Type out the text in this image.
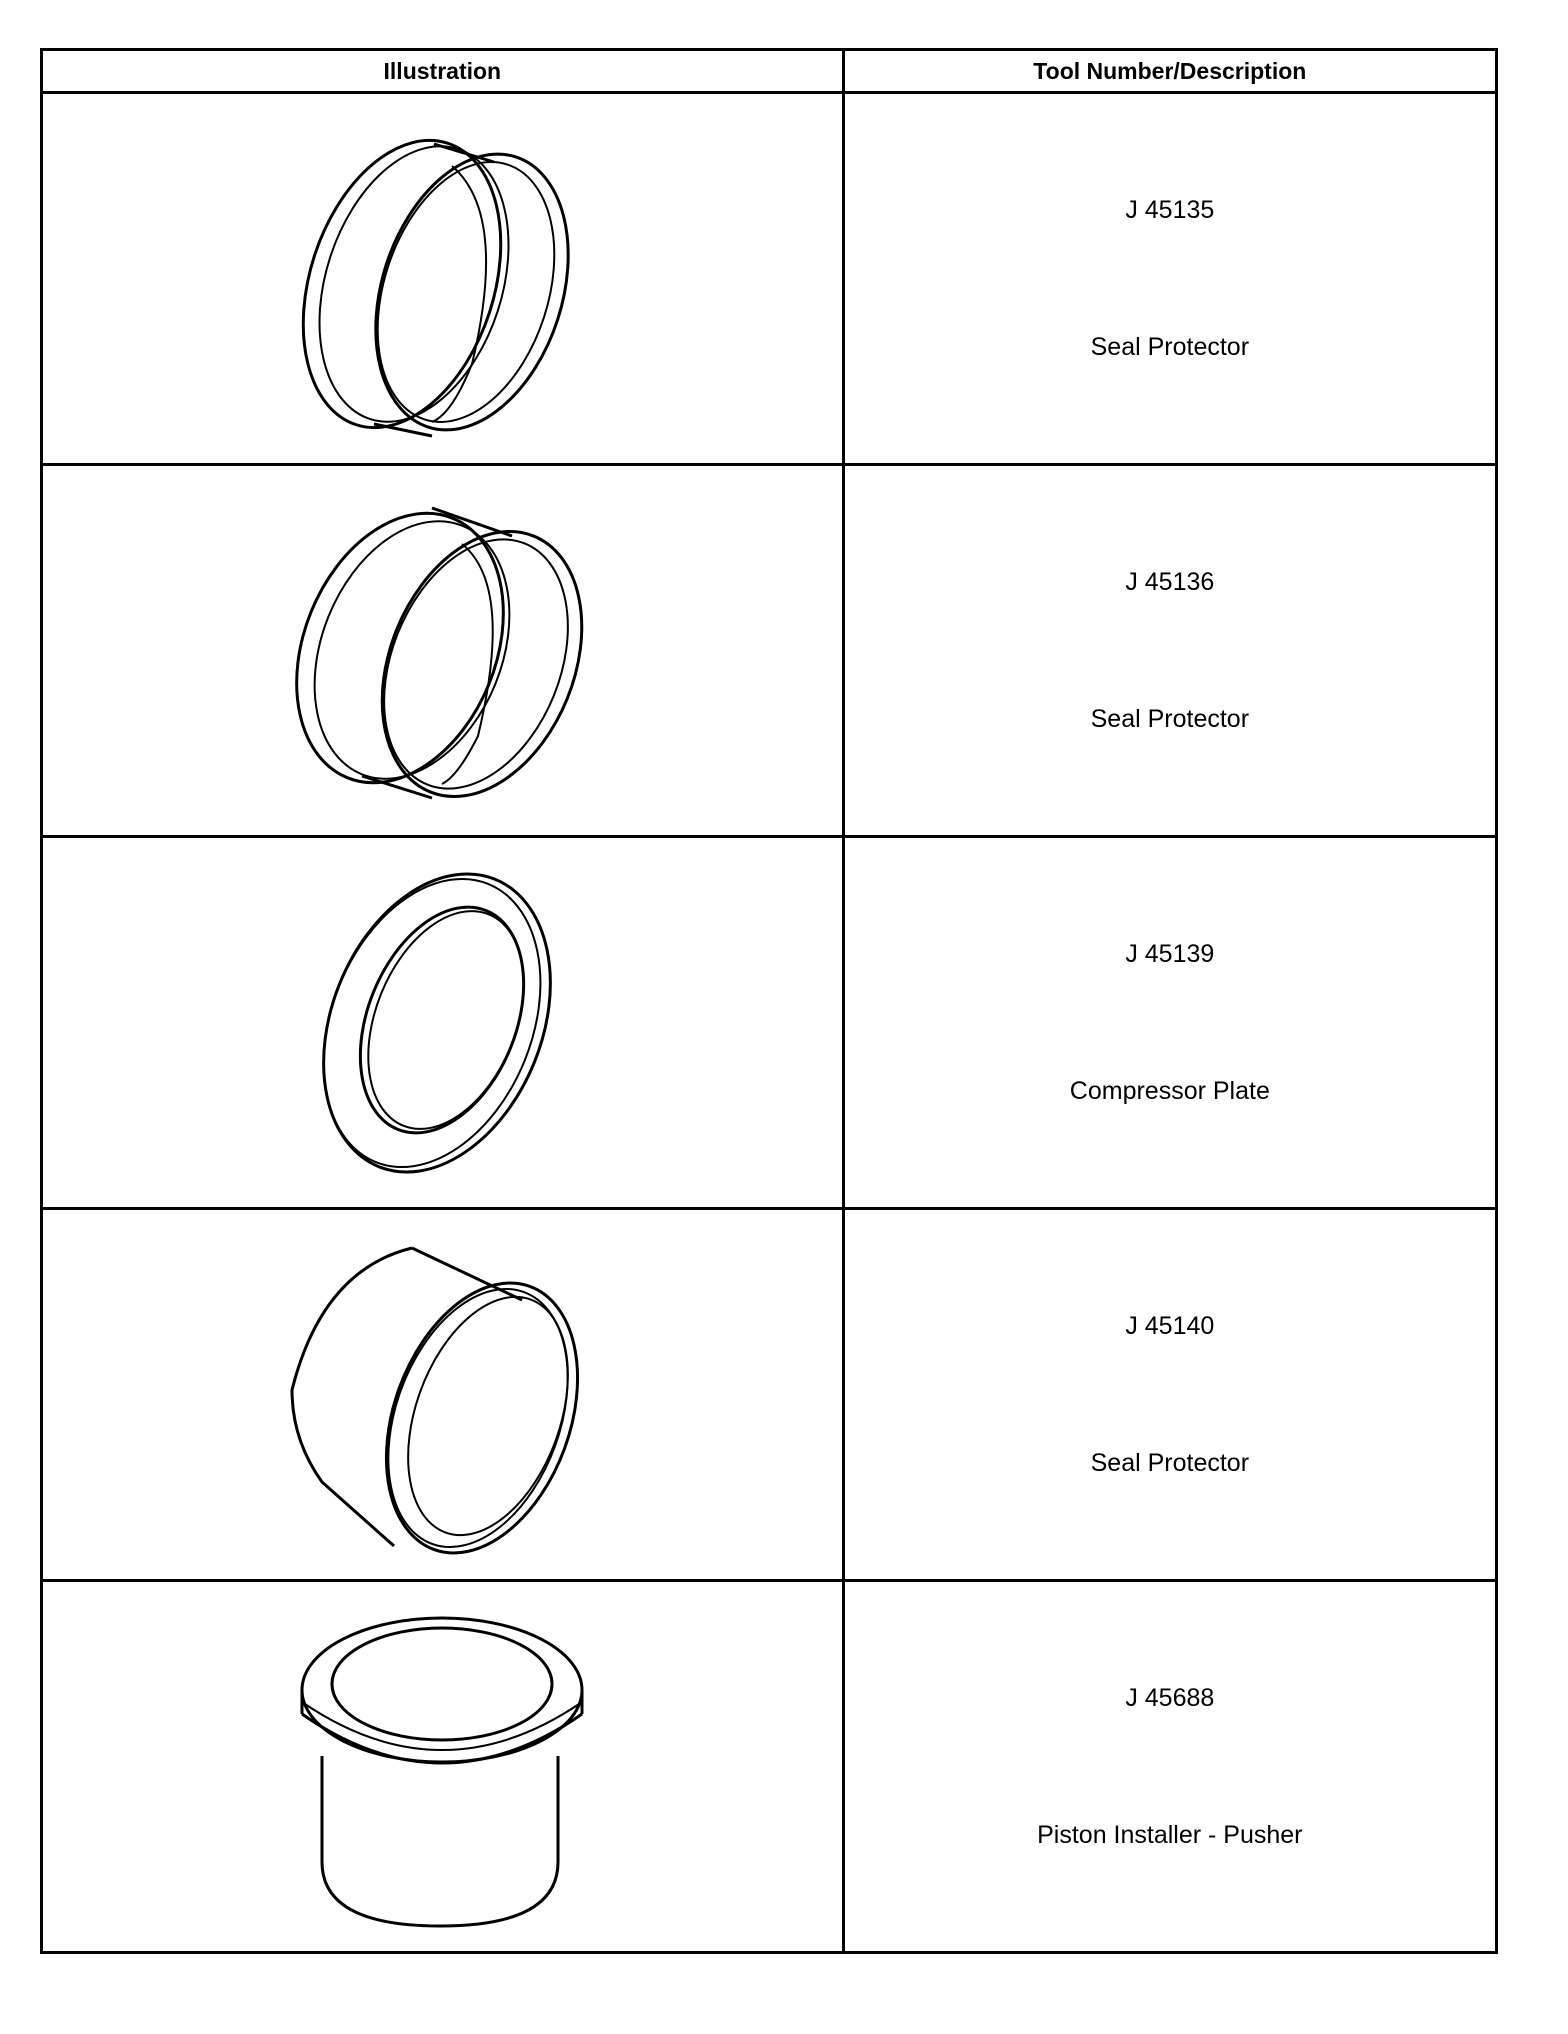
Illustration	Tool Number/Description

J 45135
Seal Protector

J 45136
Seal Protector

J 45139
Compressor Plate

J 45140
Seal Protector

J 45688
Piston Installer - Pusher
